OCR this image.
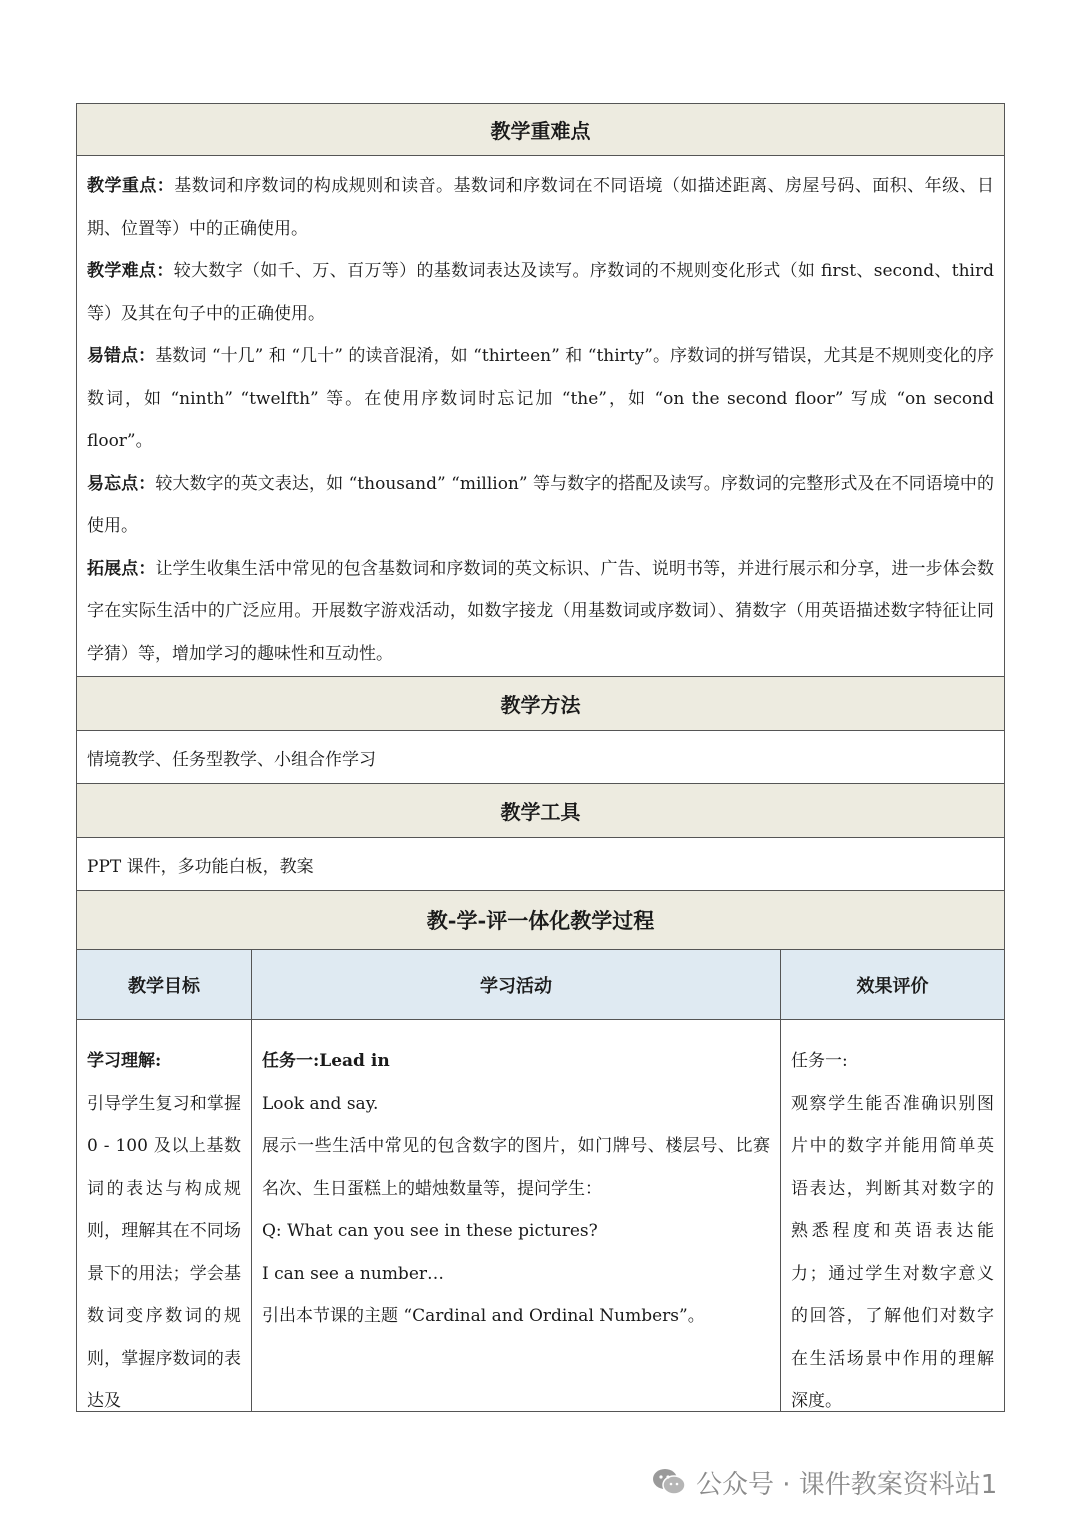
教学重难点

教学重点：基数词和序数词的构成规则和读音。基数词和序数词在不同语境（如描述距离、房屋号码、面积、年级、日期、位置等）中的正确使用。

教学难点：较大数字（如千、万、百万等）的基数词表达及读写。序数词的不规则变化形式（如 first、second、third 等）及其在句子中的正确使用。

易错点：基数词 “十几” 和 “几十” 的读音混淆，如 “thirteen” 和 “thirty”。序数词的拼写错误，尤其是不规则变化的序数词，如 “ninth” “twelfth” 等。在使用序数词时忘记加 “the”，如 “on the second floor” 写成 “on second floor”。

易忘点：较大数字的英文表达，如 “thousand” “million” 等与数字的搭配及读写。序数词的完整形式及在不同语境中的使用。

拓展点：让学生收集生活中常见的包含基数词和序数词的英文标识、广告、说明书等，并进行展示和分享，进一步体会数字在实际生活中的广泛应用。开展数字游戏活动，如数字接龙（用基数词或序数词）、猜数字（用英语描述数字特征让同学猜）等，增加学习的趣味性和互动性。

教学方法
情境教学、任务型教学、小组合作学习
教学工具
PPT 课件，多功能白板，教案
教-学-评一体化教学过程
教学目标	学习活动	效果评价

学习理解:

引导学生复习和掌握 0 - 100 及以上基数词的表达与构成规则，理解其在不同场景下的用法；学会基数词变序数词的规则，掌握序数词的表达及

任务一:Lead in

Look and say.

展示一些生活中常见的包含数字的图片，如门牌号、楼层号、比赛名次、生日蛋糕上的蜡烛数量等，提问学生：

Q: What can you see in these pictures?

I can see a number…

引出本节课的主题 “Cardinal and Ordinal Numbers”。

任务一:

观察学生能否准确识别图片中的数字并能用简单英语表达，判断其对数字的熟悉程度和英语表达能力；通过学生对数字意义的回答，了解他们对数字在生活场景中作用的理解深度。

公众号 · 课件教案资料站1
